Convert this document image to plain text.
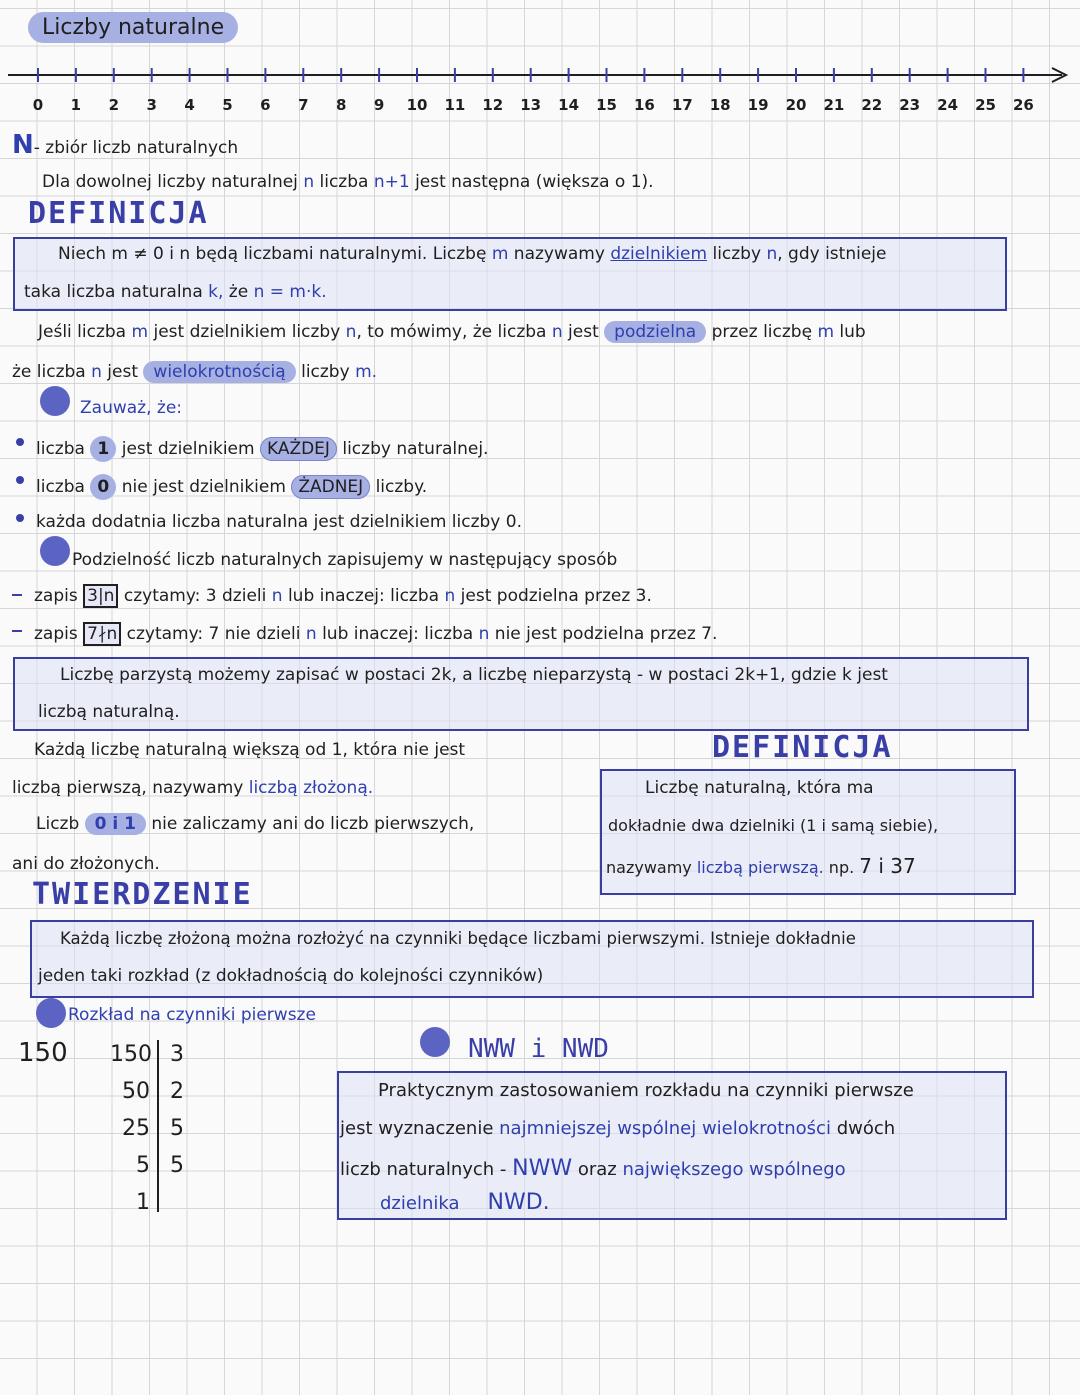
Liczby naturalne
0 1 2 3 4 5 6 7 8 9 10 11 12 13 14 15 16 17 18 19 20 21 22 23 24 25 26
N- zbiór liczb naturalnych
Dla dowolnej liczby naturalnej n liczba n+1 jest następna (większa o 1).
DEFINICJA
Niech m ≠ 0 i n będą liczbami naturalnymi. Liczbę m nazywamy dzielnikiem liczby n, gdy istnieje
taka liczba naturalna k, że n = m·k.
Jeśli liczba m jest dzielnikiem liczby n, to mówimy, że liczba n jest podzielna przez liczbę m lub
że liczba n jest wielokrotnością liczby m.
Zauważ, że:
liczba 1 jest dzielnikiem KAŻDEJ liczby naturalnej.
liczba 0 nie jest dzielnikiem ŻADNEJ liczby.
każda dodatnia liczba naturalna jest dzielnikiem liczby 0.
Podzielność liczb naturalnych zapisujemy w następujący sposób
zapis 3|n czytamy: 3 dzieli n lub inaczej: liczba n jest podzielna przez 3.
zapis 7∤n czytamy: 7 nie dzieli n lub inaczej: liczba n nie jest podzielna przez 7.
Liczbę parzystą możemy zapisać w postaci 2k, a liczbę nieparzystą - w postaci 2k+1, gdzie k jest
liczbą naturalną.
Każdą liczbę naturalną większą od 1, która nie jest
liczbą pierwszą, nazywamy liczbą złożoną.
Liczb 0 i 1 nie zaliczamy ani do liczb pierwszych,
ani do złożonych.
DEFINICJA
Liczbę naturalną, która ma
dokładnie dwa dzielniki (1 i samą siebie),
nazywamy liczbą pierwszą. np. 7 i 37
TWIERDZENIE
Każdą liczbę złożoną można rozłożyć na czynniki będące liczbami pierwszymi. Istnieje dokładnie
jeden taki rozkład (z dokładnością do kolejności czynników)
Rozkład na czynniki pierwsze
150 150
50
25
5
1
3
2
5
5
NWW i NWD
Praktycznym zastosowaniem rozkładu na czynniki pierwsze
jest wyznaczenie najmniejszej wspólnej wielokrotności dwóch
liczb naturalnych - NWW oraz największego wspólnego
dzielnika NWD.
